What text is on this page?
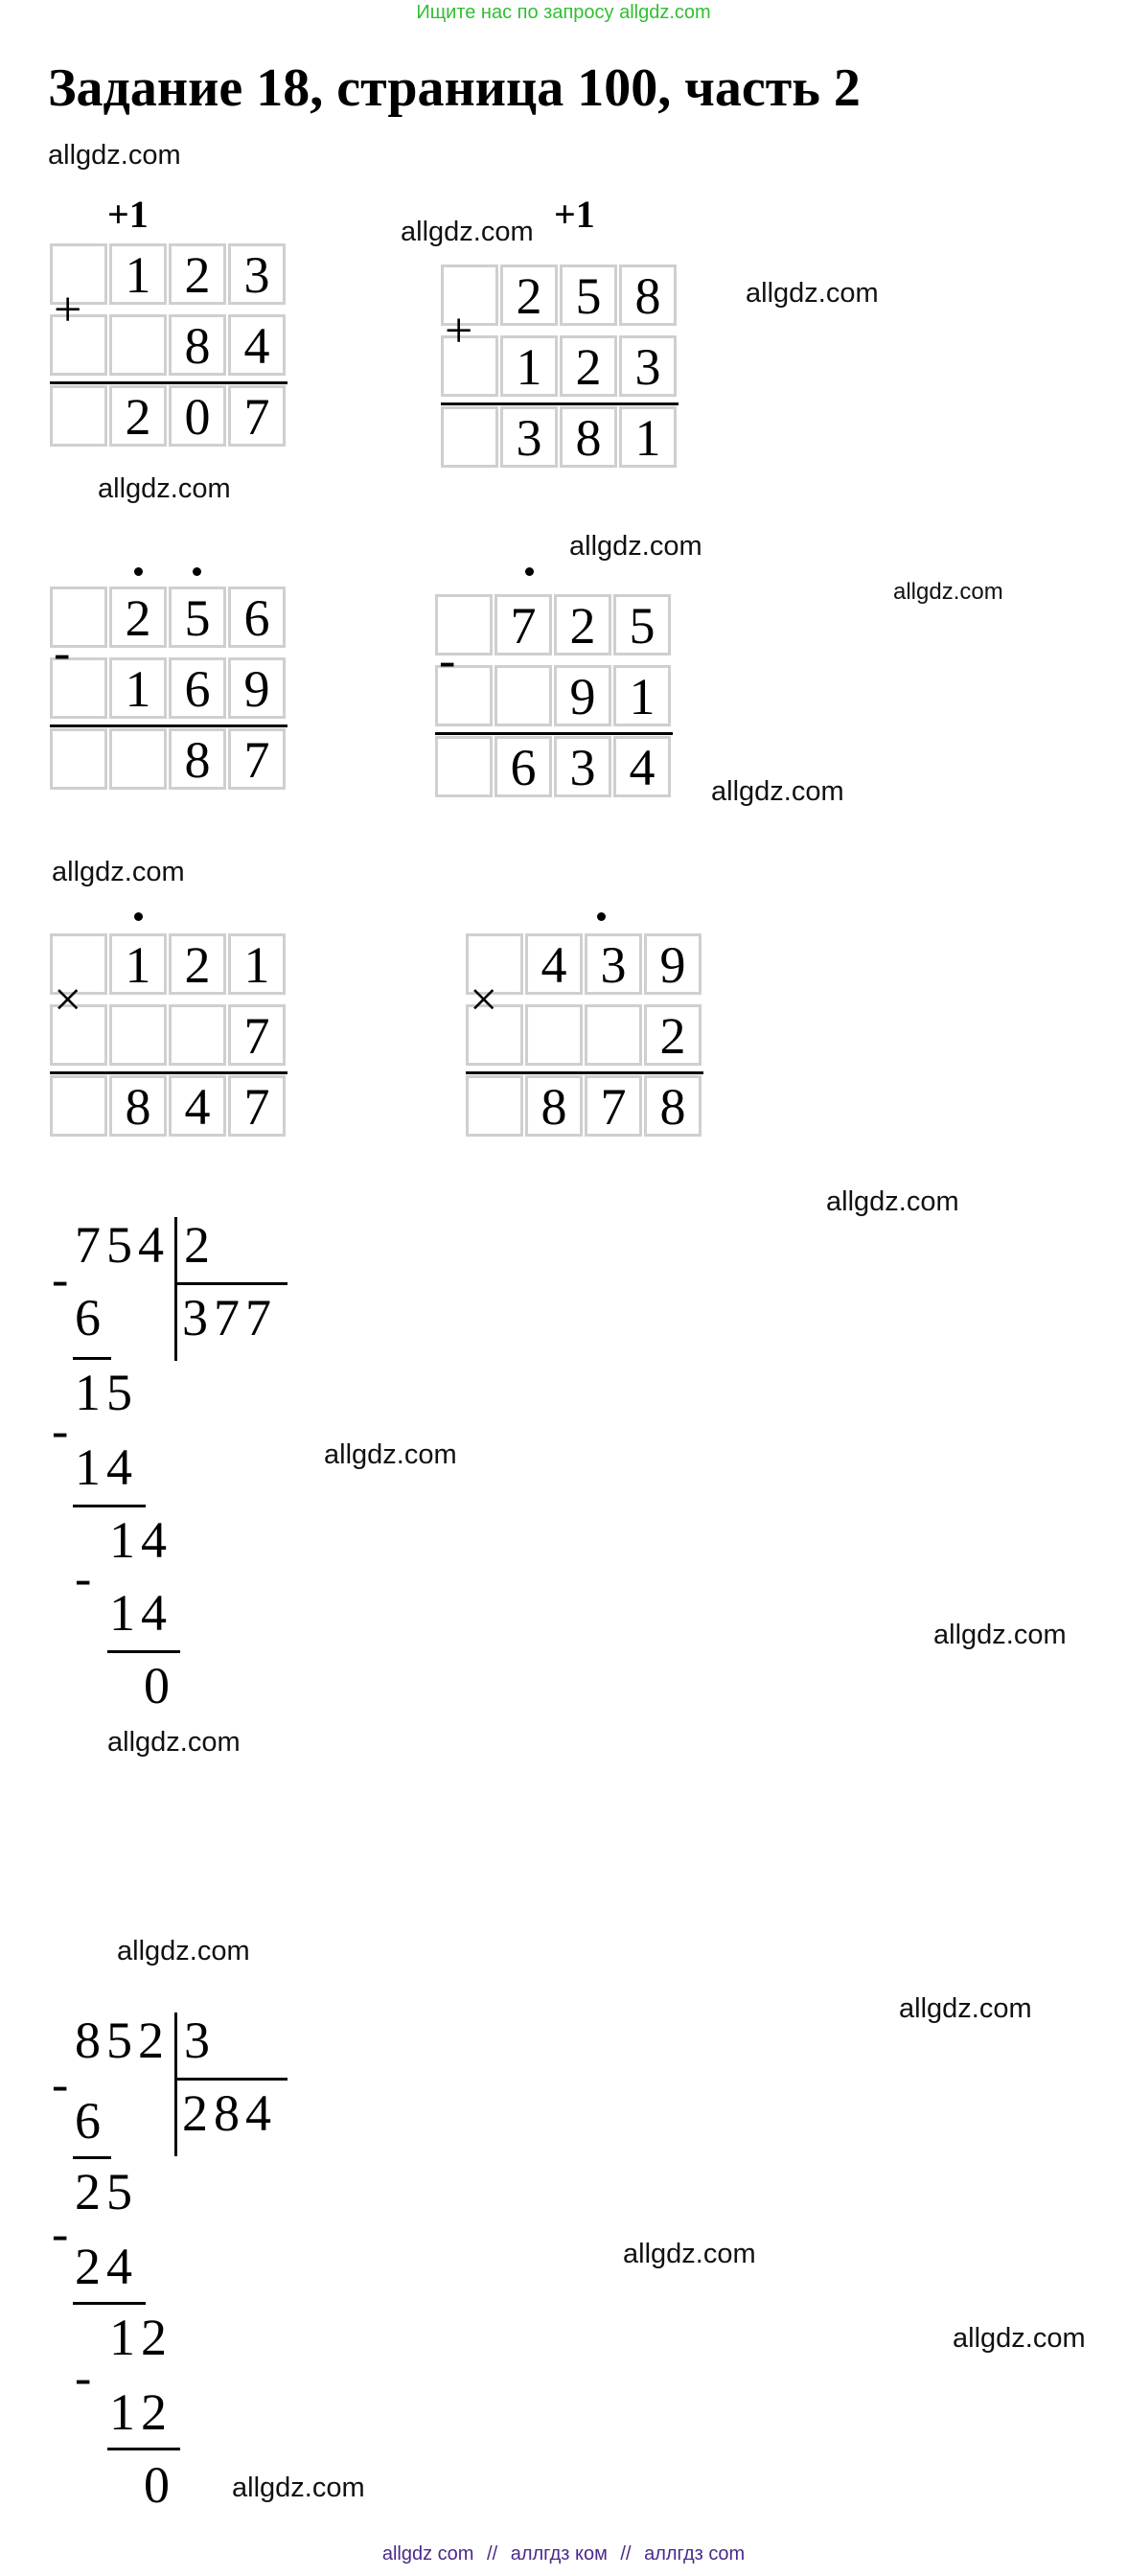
Ищите нас по запросу allgdz.com
Задание 18, страница 100, часть 2
allgdz.com
allgdz.com
allgdz.com
allgdz.com
allgdz.com
allgdz.com
allgdz.com
allgdz.com
allgdz.com
allgdz.com
allgdz.com
allgdz.com
allgdz.com
allgdz.com
allgdz.com
allgdz.com
allgdz.com
+1	+1
+
1 2 3
8 4
2 0 7
+
2 5 8
1 2 3
3 8 1
-
2 5 6
1 6 9
8 7
-
7 2 5
9 1
6 3 4
×
1 2 1
7
8 4 7
×
4 3 9
2
8 7 8
754 2
377
-
6
15
-
14
14
-
14
0
852 3
284
-
6
25
-
24
12
-
12
0
allgdz com // аллгдз ком // аллгдз com
